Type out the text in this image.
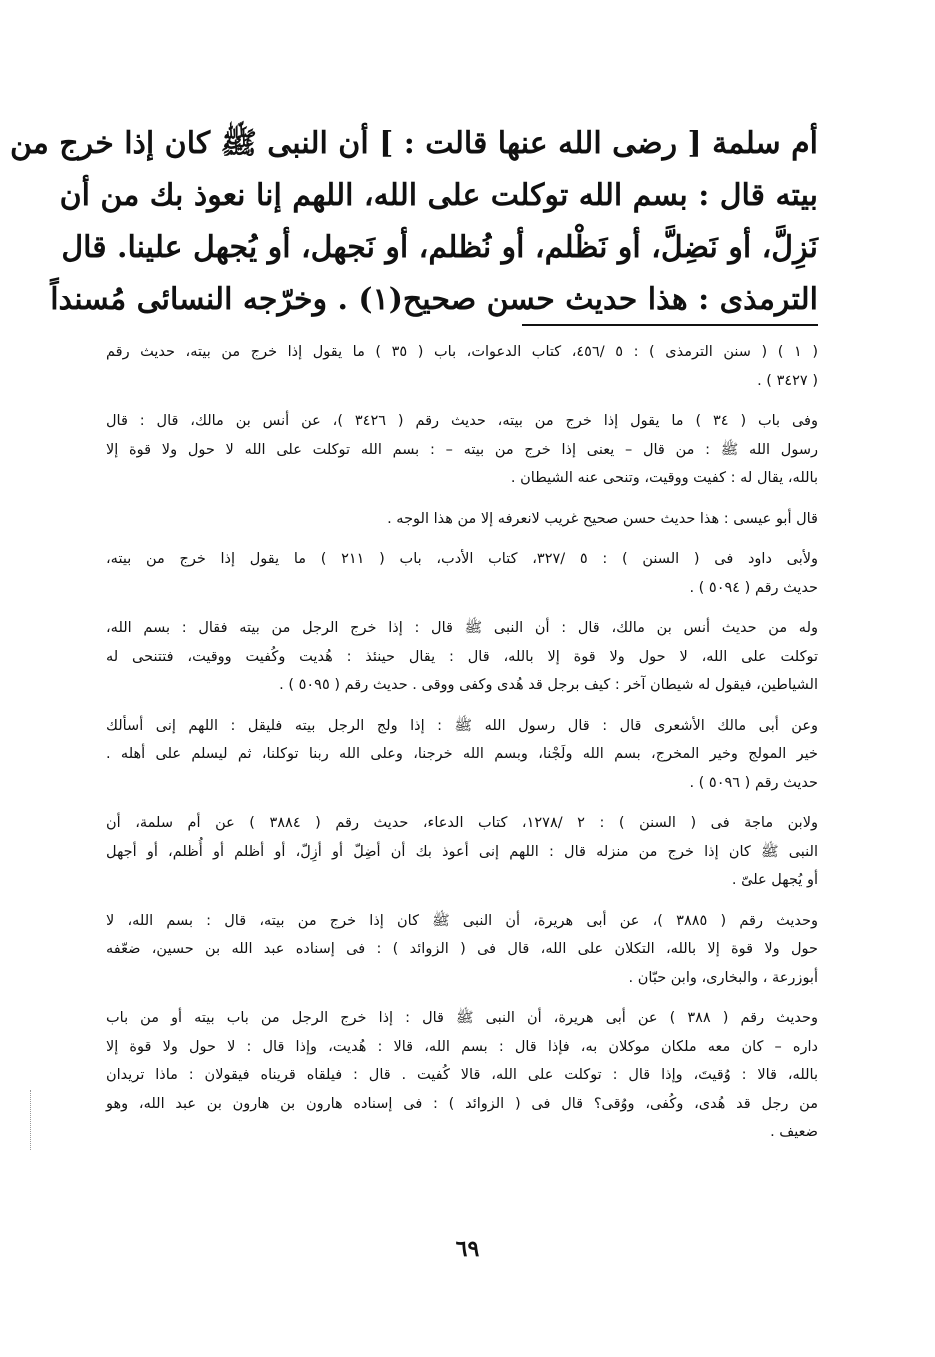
أم سلمة [ رضى الله عنها قالت : ] أن النبى ﷺ كان إذا خرج من
بيته قال : بسم الله توكلت على الله، اللهم إنا نعوذ بك من أن
نَزِلَّ، أو نَضِلَّ، أو نَظْلم، أو نُظلم، أو نَجهل، أو يُجهل علينا. قال
الترمذى : هذا حديث حسن صحيح(١) . وخرّجه النسائى مُسنداً
( ١ ) ( سنن الترمذى ) : ٥ /٤٥٦، كتاب الدعوات، باب ( ٣٥ ) ما يقول إذا خرج من بيته، حديث رقم
( ٣٤٢٧ ) .
وفى باب ( ٣٤ ) ما يقول إذا خرج من بيته، حديث رقم ( ٣٤٢٦ )، عن أنس بن مالك، قال : قال
رسول الله ﷺ : من قال – يعنى إذا خرج من بيته – : بسم الله توكلت على الله لا حول ولا قوة إلا
بالله، يقال له : كفيت ووقيت، وتنحى عنه الشيطان .
قال أبو عيسى : هذا حديث حسن صحيح غريب لانعرفه إلا من هذا الوجه .
ولأبى داود فى ( السنن ) : ٥ /٣٢٧، كتاب الأدب، باب ( ٢١١ ) ما يقول إذا خرج من بيته،
حديث رقم ( ٥٠٩٤ ) .
وله من حديث أنس بن مالك، قال : أن النبى ﷺ قال : إذا خرج الرجل من بيته فقال : بسم الله،
توكلت على الله، لا حول ولا قوة إلا بالله، قال : يقال حينئذ : هُديت وكُفيت ووقيت، فتتنحى له
الشياطين، فيقول له شيطان آخر : كيف برجل قد هُدى وكفى ووقى . حديث رقم ( ٥٠٩٥ ) .
وعن أبى مالك الأشعرى قال : قال رسول الله ﷺ : إذا ولج الرجل بيته فليقل : اللهم إنى أسألك
خير المولج وخير المخرج، بسم الله ولَجْنا، وبسم الله خرجنا، وعلى الله ربنا توكلنا، ثم ليسلم على أهله .
حديث رقم ( ٥٠٩٦ ) .
ولابن ماجة فى ( السنن ) : ٢ /١٢٧٨، كتاب الدعاء، حديث رقم ( ٣٨٨٤ ) عن أم سلمة، أن
النبى ﷺ كان إذا خرج من منزله قال : اللهم إنى أعوذ بك أن أضِلّ أو أزِلّ، أو أظلم أو أُظلم، أو أجهل
أو يُجهل علىّ .
وحديث رقم ( ٣٨٨٥ )، عن أبى هريرة، أن النبى ﷺ كان إذا خرج من بيته، قال : بسم الله، لا
حول ولا قوة إلا بالله، التكلان على الله، قال فى ( الزوائد ) : فى إسناده عبد الله بن حسين، ضعّفه
أبوزرعة ، والبخارى، وابن حبّان .
وحديث رقم ( ٣٨٨ ) عن أبى هريرة، أن النبى ﷺ قال : إذا خرج الرجل من باب بيته أو من باب
داره – كان معه ملكان موكلان به، فإذا قال : بسم الله، قالا : هُديت، وإذا قال : لا حول ولا قوة إلا
بالله، قالا : وُقيتَ، وإذا قال : توكلت على الله، قالا كُفيت . قال : فيلقاه قريناه فيقولان : ماذا تريدان
من رجل قد هُدى، وكُفى، ووُقى؟ قال فى ( الزوائد ) : فى إسناده هارون بن هارون بن عبد الله، وهو
ضعيف .
٦٩
